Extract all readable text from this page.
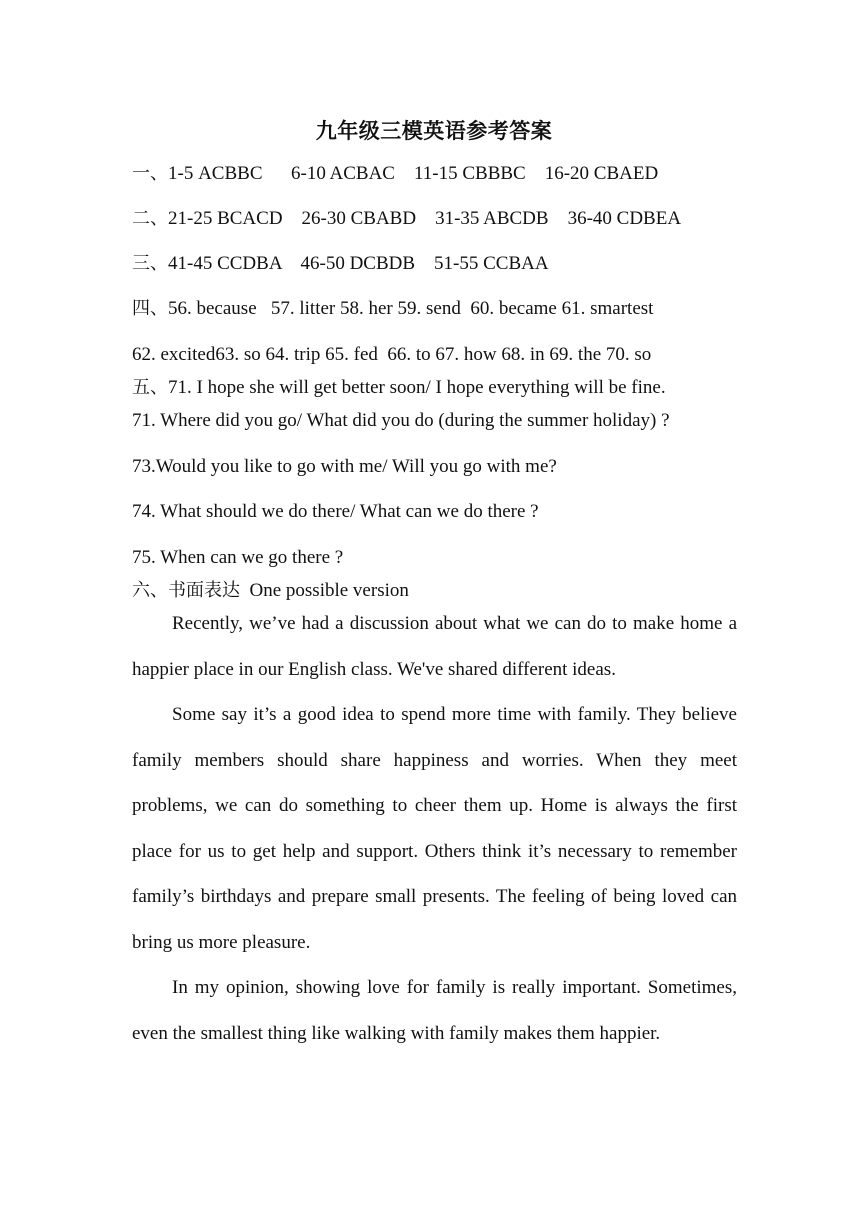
九年级三模英语参考答案
一、1-5 ACBBC      6-10 ACBAC    11-15 CBBBC    16-20 CBAED
二、21-25 BCACD    26-30 CBABD    31-35 ABCDB    36-40 CDBEA
三、41-45 CCDBA    46-50 DCBDB    51-55 CCBAA
四、56. because   57. litter 58. her 59. send  60. became 61. smartest
62. excited63. so 64. trip 65. fed  66. to 67. how 68. in 69. the 70. so
五、71. I hope she will get better soon/ I hope everything will be fine.
71. Where did you go/ What did you do (during the summer holiday) ?
73.Would you like to go with me/ Will you go with me?
74. What should we do there/ What can we do there ?
75. When can we go there ?
六、书面表达  One possible version

Recently, we’ve had a discussion about what we can do to make home a happier place in our English class. We've shared different ideas.

Some say it’s a good idea to spend more time with family. They believe family members should share happiness and worries. When they meet problems, we can do something to cheer them up. Home is always the first place for us to get help and support. Others think it’s necessary to remember family’s birthdays and prepare small presents. The feeling of being loved can bring us more pleasure.

In my opinion, showing love for family is really important. Sometimes, even the smallest thing like walking with family makes them happier.
